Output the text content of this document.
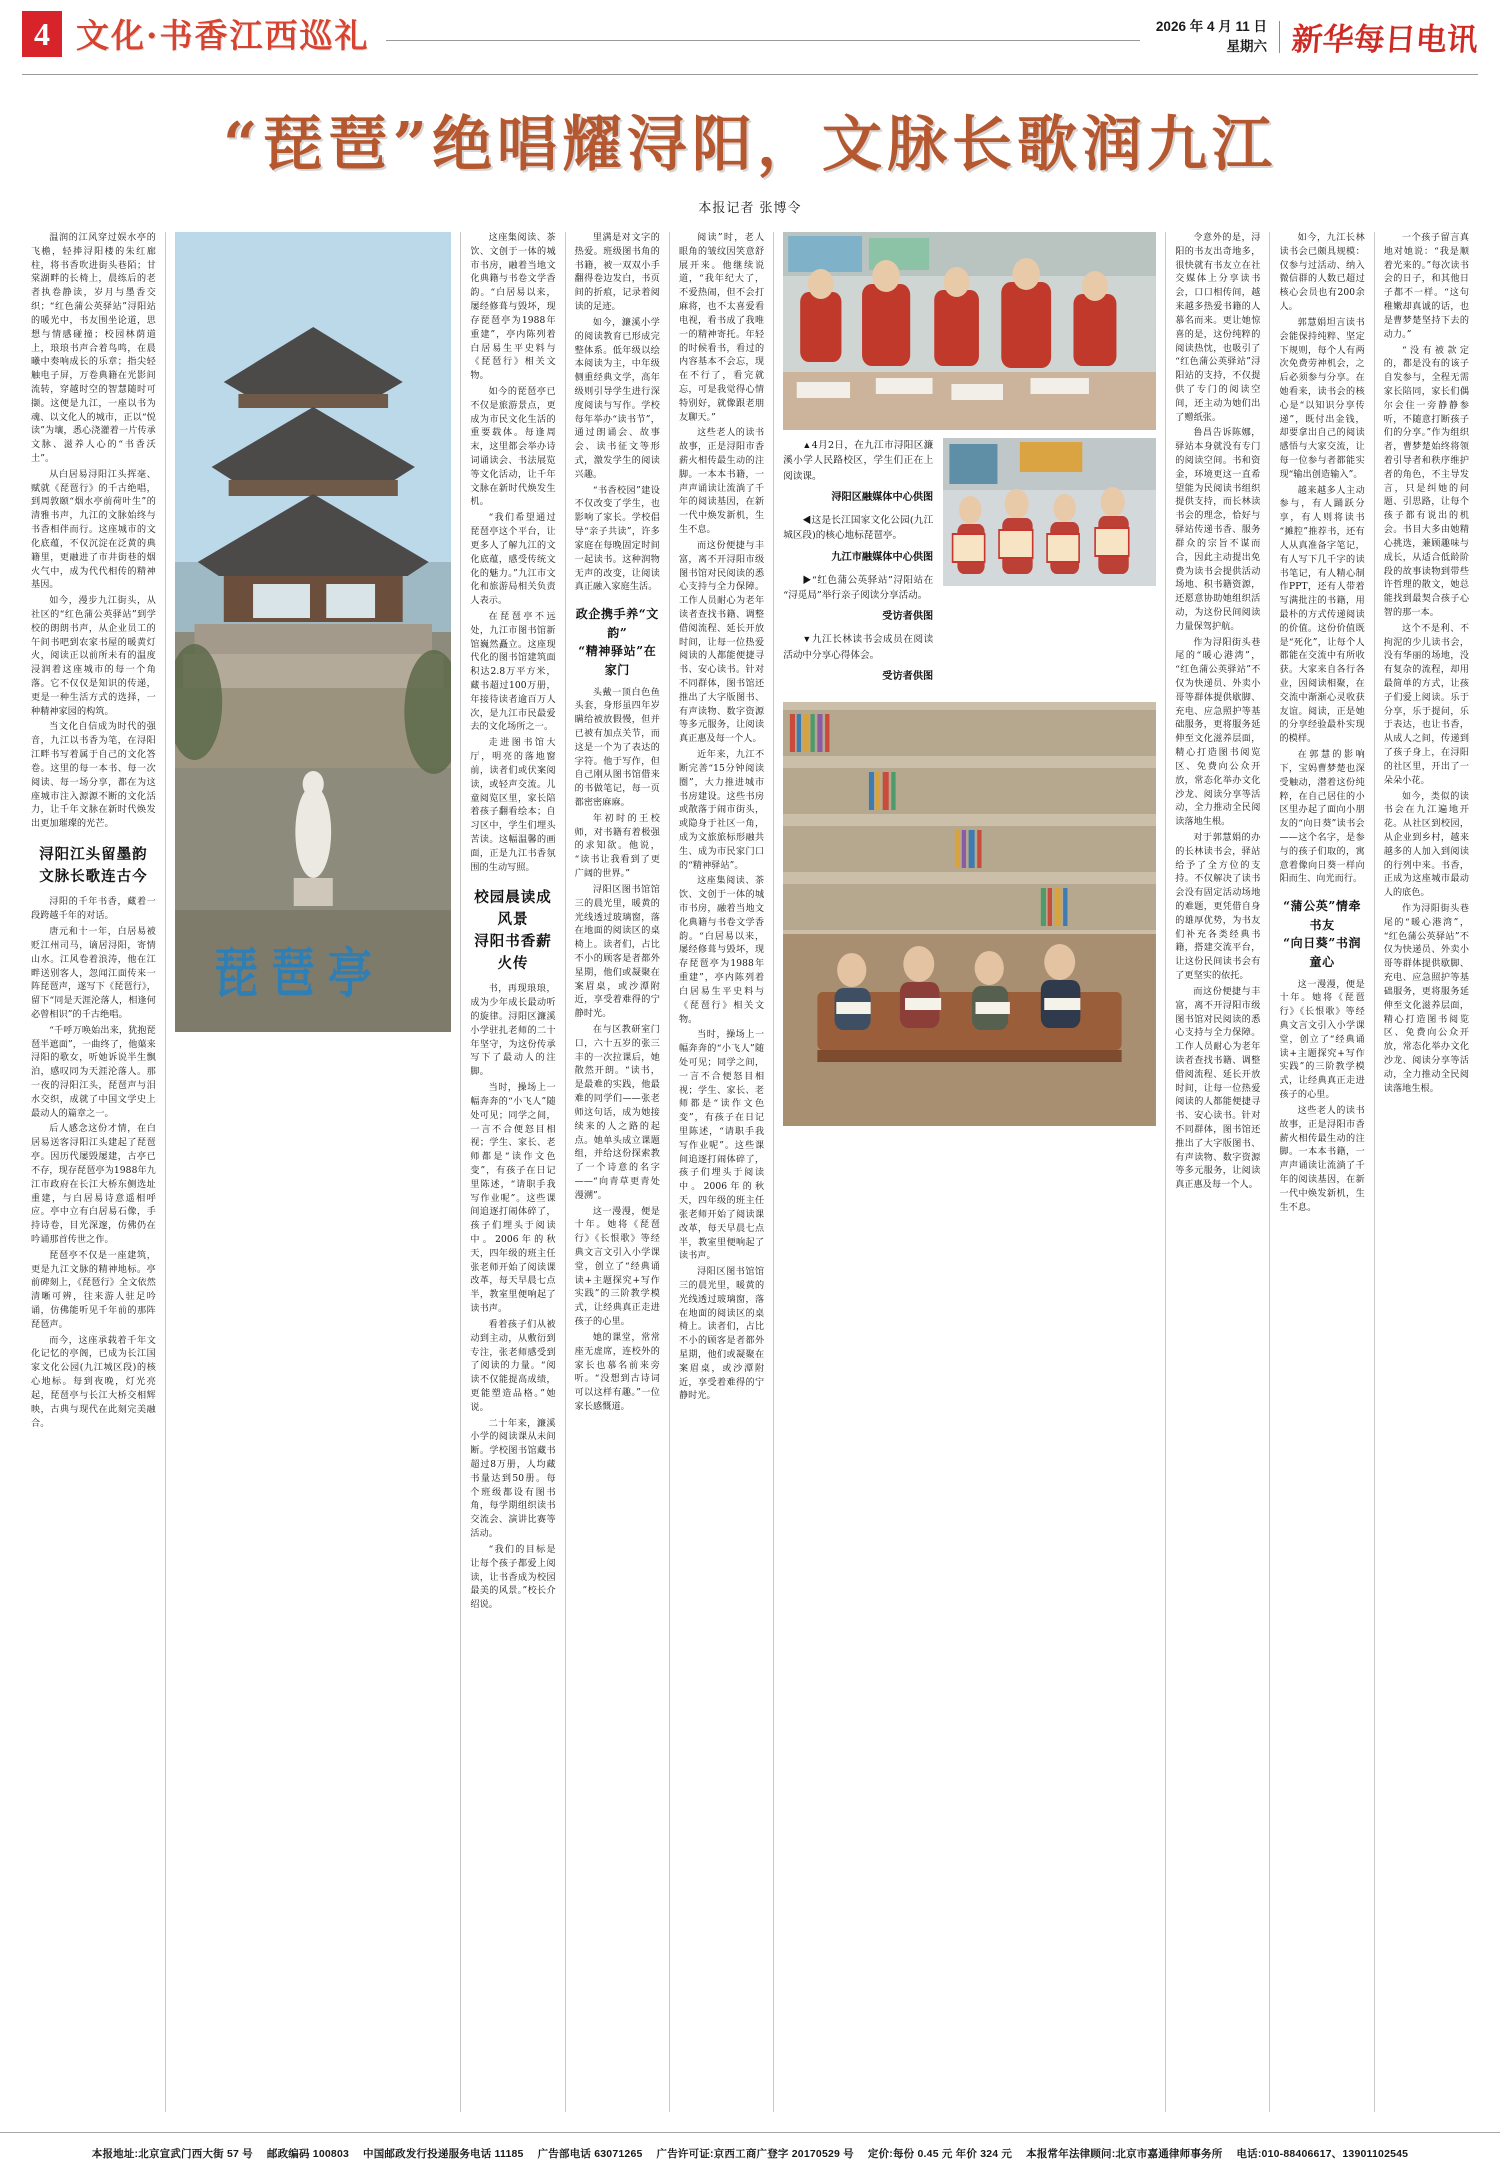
4 文化·书香江西巡礼	2026 年 4 月 11 日
星期六 新华每日电讯
“琵琶”绝唱耀浔阳，文脉长歌润九江
本报记者 张博令

温润的江风穿过娱水亭的飞檐，轻捧浔阳楼的朱红廊柱，将书香吹进街头巷陌；甘棠湖畔的长椅上，晨练后的老者执卷静读，岁月与墨香交织；“红色蒲公英驿站”浔阳站的暖光中，书友围坐论道，思想与情感碰撞；校园林荫道上，琅琅书声合着鸟鸣，在晨曦中奏响成长的乐章；指尖轻触电子屏，万卷典籍在光影间流转，穿越时空的智慧随时可撷。这便是九江，一座以书为魂、以文化人的城市，正以“悦读”为壤，悉心浇灌着一片传承文脉、滋养人心的“书香沃土”。

从白居易浔阳江头挥毫、赋就《琵琶行》的千古绝唱，到周敦颐“烟水亭前荷叶生”的清雅书声，九江的文脉始终与书香相伴而行。这座城市的文化底蕴，不仅沉淀在泛黄的典籍里，更融进了市井街巷的烟火气中，成为代代相传的精神基因。

如今，漫步九江街头，从社区的“红色蒲公英驿站”到学校的朗朗书声，从企业员工的午间书吧到农家书屋的暖黄灯火，阅读正以前所未有的温度浸润着这座城市的每一个角落。它不仅仅是知识的传递，更是一种生活方式的选择，一种精神家园的构筑。

当文化自信成为时代的强音，九江以书香为笔，在浔阳江畔书写着属于自己的文化答卷。这里的每一本书、每一次阅读、每一场分享，都在为这座城市注入源源不断的文化活力，让千年文脉在新时代焕发出更加璀璨的光芒。

浔阳江头留墨韵
文脉长歌连古今

浔阳的千年书香，藏着一段跨越千年的对话。

唐元和十一年，白居易被贬江州司马，谪居浔阳，寄情山水。江风卷着浪涛，他在江畔送别客人，忽闻江面传来一阵琵琶声，遂写下《琵琶行》，留下“同是天涯沦落人，相逢何必曾相识”的千古绝唱。

“千呼万唤始出来，犹抱琵琶半遮面”，一曲终了，他蕖来浔阳的歌女，听她诉说半生飘泊，感叹同为天涯沦落人。那一夜的浔阳江头，琵琶声与泪水交织，成就了中国文学史上最动人的篇章之一。

后人感念这份才情，在白居易送客浔阳江头建起了琵琶亭。因历代屡毁屡建，古亭已不存，现存琵琶亭为1988年九江市政府在长江大桥东侧选址重建，与白居易诗意遥相呼应。亭中立有白居易石像，手持诗卷，目光深邃，仿佛仍在吟诵那首传世之作。

琵琶亭不仅是一座建筑，更是九江文脉的精神地标。亭前碑刻上，《琵琶行》全文依然清晰可辨，往来游人驻足吟诵，仿佛能听见千年前的那阵琵琶声。

而今，这座承载着千年文化记忆的亭阁，已成为长江国家文化公园(九江城区段)的核心地标。每到夜晚，灯光亮起，琵琶亭与长江大桥交相辉映，古典与现代在此刻完美融合。

琵 琶 亭

这座集阅读、茶饮、文创于一体的城市书房，融着当地文化典籍与书卷文学香韵。“白居易以来，屡经修葺与毁坏，现存琵琶亭为1988年重建”，亭内陈列着白居易生平史料与《琵琶行》相关文物。

如今的琵琶亭已不仅是旅游景点，更成为市民文化生活的重要载体。每逢周末，这里都会举办诗词诵读会、书法展览等文化活动，让千年文脉在新时代焕发生机。

“我们希望通过琵琶亭这个平台，让更多人了解九江的文化底蕴，感受传统文化的魅力。”九江市文化和旅游局相关负责人表示。

在琵琶亭不远处，九江市图书馆新馆巍然矗立。这座现代化的图书馆建筑面积达2.8万平方米，藏书超过100万册，年接待读者逾百万人次，是九江市民最爱去的文化场所之一。

走进图书馆大厅，明亮的落地窗前，读者们或伏案阅读，或轻声交流。儿童阅览区里，家长陪着孩子翻看绘本；自习区中，学生们埋头苦读。这幅温馨的画面，正是九江书香氛围的生动写照。

校园晨读成风景
浔阳书香薪火传

书，再现琅琅，成为少年成长最动听的旋律。浔阳区濂溪小学驻扎老师的二十年坚守，为这份传承写下了最动人的注脚。

当时，操场上一幅奔奔的“小飞人”随处可见；同学之间，一言不合便怒目相视；学生、家长、老师都是“读作文色变”，有孩子在日记里陈述，“请职手我写作业呢”。这些课间追逐打闹体碎了，孩子们埋头于阅读中。2006年的秋天，四年级的班主任张老师开始了阅读课改革，每天早晨七点半，教室里便响起了读书声。

看着孩子们从被动到主动，从敷衍到专注，张老师感受到了阅读的力量。“阅读不仅能提高成绩，更能塑造品格。”她说。

二十年来，濂溪小学的阅读课从未间断。学校图书馆藏书超过8万册，人均藏书量达到50册。每个班级都设有图书角，每学期组织读书交流会、演讲比赛等活动。

“我们的目标是让每个孩子都爱上阅读，让书香成为校园最美的风景。”校长介绍说。

里满是对文字的热爱。班级图书角的书籍，被一双双小手翻得卷边发白，书页间的折痕，记录着阅读的足迹。

如今，濂溪小学的阅读教育已形成完整体系。低年级以绘本阅读为主，中年级侧重经典文学，高年级则引导学生进行深度阅读与写作。学校每年举办“读书节”，通过朗诵会、故事会、读书征文等形式，激发学生的阅读兴趣。

“书香校园”建设不仅改变了学生，也影响了家长。学校倡导“亲子共读”，许多家庭在每晚固定时间一起读书。这种润物无声的改变，让阅读真正融入家庭生活。

政企携手养“文韵”
“精神驿站”在家门

头戴一顶白色鱼头套，身形虽四年岁瞒给被放假慢，但并已被有加点关节，而这是一个为了表达的字符。他于写作，但自己刚从图书馆借来的书做笔记，每一页都密密麻麻。

年初时的王校师，对书籍有着极强的求知欲。他说，“读书让我看到了更广阔的世界。”

浔阳区图书馆馆三的晨光里，暖黄的光线透过玻璃窗，落在地面的阅读区的桌椅上。读者们，占比不小的顾客是者都外星期，他们或凝聚在案眉桌，或沙潭附近，享受着难得的宁静时光。

在与区教研室门口，六十五岁的张三丰的一次拉课后，她散然开朗。“读书，是最难的实践，他最难的同学们——张老师这句话，成为她接续来的人之路的起点。她单头成立课题组，并给这份探索教了一个诗意的名字——“向青草更青处漫溯”。

这一漫漫，便是十年。她将《琵琶行》《长恨歌》等经典文言文引入小学课堂，创立了“经典诵读+主题探究+写作实践”的三阶教学模式，让经典真正走进孩子的心里。

她的课堂，常常座无虚席，连校外的家长也慕名前来旁听。“没想到古诗词可以这样有趣。”一位家长感慨道。

阅读”时，老人眼角的皱纹因笑意舒展开来。他继续说道，“我年纪大了，不爱热闹，但不会打麻将，也不太喜爱看电视，看书成了我唯一的精神寄托。年轻的时候看书，看过的内容基本不会忘，现在不行了，看完就忘，可是我觉得心情特别好，就像跟老朋友聊天。”

这些老人的读书故事，正是浔阳市香薪火相传最生动的注脚。一本本书籍，一声声诵读让流淌了千年的阅读基因，在新一代中焕发新机，生生不息。

而这份便捷与丰富，离不开浔阳市级图书馆对民阅读的悉心支持与全力保障。工作人员耐心为老年读者查找书籍、调整借阅流程、延长开放时间，让每一位热爱阅读的人都能便捷寻书、安心读书。针对不同群体，图书馆还推出了大字版图书、有声读物、数字资源等多元服务，让阅读真正惠及每一个人。

近年来，九江不断完善“15分钟阅读圈”，大力推进城市书房建设。这些书房或散落于闹市街头，或隐身于社区一角，成为文旅旅标形融共生、成为市民家门口的“精神驿站”。

这座集阅读、茶饮、文创于一体的城市书房，融着当地文化典籍与书卷文学香韵。“白居易以来，屡经修葺与毁坏，现存琵琶亭为1988年重建”，亭内陈列着白居易生平史料与《琵琶行》相关文物。

当时，操场上一幅奔奔的“小飞人”随处可见；同学之间，一言不合便怒目相视；学生、家长、老师都是“读作文色变”，有孩子在日记里陈述，“请职手我写作业呢”。这些课间追逐打闹体碎了，孩子们埋头于阅读中。2006年的秋天，四年级的班主任张老师开始了阅读课改革，每天早晨七点半，教室里便响起了读书声。

浔阳区图书馆馆三的晨光里，暖黄的光线透过玻璃窗，落在地面的阅读区的桌椅上。读者们，占比不小的顾客是者都外星期，他们或凝聚在案眉桌，或沙潭附近，享受着难得的宁静时光。

▲4月2日，在九江市浔阳区濂溪小学人民路校区，学生们正在上阅读课。
浔阳区融媒体中心供图
◀这是长江国家文化公园(九江城区段)的核心地标琵琶亭。
九江市融媒体中心供图
▶“红色蒲公英驿站”浔阳站在“浔觅局”举行亲子阅读分享活动。
受访者供图
▼九江长林读书会成员在阅读活动中分享心得体会。
受访者供图

令意外的是，浔阳的书友出奇地多，很快就有书友立在社交媒体上分享读书会，口口相传间，越来越多热爱书籍的人慕名而来。更让她惊喜的是，这份纯粹的阅读热忱，也吸引了“红色蒲公英驿站”浔阳站的支持，不仅提供了专门的阅读空间，还主动为她们出了赠纸张。

鲁昌告诉陈娜，驿站本身就没有专门的阅读空间。书和资金，环境更这一直希望能为民阅读书组织提供支持，而长林读书会的理念，恰好与驿站传递书香、服务群众的宗旨不谋而合，因此主动提出免费为读书会提供活动场地、积书籍资源，还愿意协助她组织活动，为这份民间阅读力量保驾护航。

作为浔阳街头巷尾的“暖心港湾”，“红色蒲公英驿站”不仅为快递员、外卖小哥等群体提供歇脚、充电、应急照护等基础服务，更将服务延伸至文化滋养层面，精心打造图书阅览区、免费向公众开放，常态化举办文化沙龙、阅读分享等活动，全力推动全民阅读落地生根。

对于郭慧娟的办的长林读书会，驿站给予了全方位的支持。不仅解决了读书会没有固定活动场地的难题，更凭借自身的雄厚优势，为书友们补充各类经典书籍，搭建交流平台，让这份民间读书会有了更坚实的依托。

而这份便捷与丰富，离不开浔阳市级图书馆对民阅读的悉心支持与全力保障。工作人员耐心为老年读者查找书籍、调整借阅流程、延长开放时间，让每一位热爱阅读的人都能便捷寻书、安心读书。针对不同群体，图书馆还推出了大字版图书、有声读物、数字资源等多元服务，让阅读真正惠及每一个人。

如今，九江长林读书会已颇具规模：仅参与过活动、纳入微信群的人数已超过核心会员也有200余人。

郭慧娟坦言读书会能保持纯粹、坚定下规则，每个人有两次免费劳神机会，之后必须参与分享。在她看来，读书会的核心是“以知识分享传递”，既付出金钱，却要拿出自己的阅读感悟与大家交流，让每一位参与者都能实现“输出创造输入”。

越来越多人主动参与，有人踊跃分享，有人则将读书“摊腔”推荐书，还有人从真准备字笔记，有人写下几千字的读书笔记，有人精心制作PPT，还有人带着写满批注的书籍，用最朴的方式传递阅读的价值。这份价值既是“死化”，让每个人都能在交流中有所收获。大家来自各行各业，因阅读相聚，在交流中渐渐心灵收获友谊。阅读，正是她的分享经验最朴实现的模样。

在郭慧的影响下，宝妈曹梦楚也深受触动，潜着这份纯粹，在自己居住的小区里办起了面向小朋友的“向日葵”读书会——这个名字，是参与的孩子们取的，寓意着像向日葵一样向阳而生、向光而行。

“蒲公英”情牵书友
“向日葵”书润童心

这一漫漫，便是十年。她将《琵琶行》《长恨歌》等经典文言文引入小学课堂，创立了“经典诵读+主题探究+写作实践”的三阶教学模式，让经典真正走进孩子的心里。

这些老人的读书故事，正是浔阳市香薪火相传最生动的注脚。一本本书籍，一声声诵读让流淌了千年的阅读基因，在新一代中焕发新机，生生不息。

一个孩子留言真地对她说：“我是顺着光来的。”每次读书会的日子，和其他日子都不一样。“这句稚嫩却真诚的话，也是曹梦楚坚持下去的动力。”

“没有被款定的，都是没有的该子自发参与，全程无需家长陪同，家长们偶尔会住一旁静静参听，不随意打断孩子们的分享。”作为组织者，曹梦楚始终将领着引导者和秩序维护者的角色，不主导发言，只是纠她的问题、引思路，让每个孩子都有说出的机会。书目大多由她精心挑选，兼顾趣味与成长，从适合低龄阶段的故事读物到带些许哲理的散文，她总能找到最契合孩子心智的那一本。

这个不是利、不拘泥的少儿读书会，没有华丽的场地，没有复杂的流程，却用最简单的方式，让孩子们爱上阅读。乐于分享，乐于提问，乐于表达，也让书香，从成人之间，传递到了孩子身上，在浔阳的社区里，开出了一朵朵小花。

如今，类似的读书会在九江遍地开花。从社区到校园，从企业到乡村，越来越多的人加入到阅读的行列中来。书香，正成为这座城市最动人的底色。

作为浔阳街头巷尾的“暖心港湾”，“红色蒲公英驿站”不仅为快递员、外卖小哥等群体提供歇脚、充电、应急照护等基础服务，更将服务延伸至文化滋养层面，精心打造图书阅览区、免费向公众开放，常态化举办文化沙龙、阅读分享等活动，全力推动全民阅读落地生根。

本报地址:北京宣武门西大街 57 号 邮政编码 100803 中国邮政发行投递服务电话 11185 广告部电话 63071265 广告许可证:京西工商广登字 20170529 号 定价:每份 0.45 元 年价 324 元 本报常年法律顾问:北京市嘉通律师事务所 电话:010-88406617、13901102545
